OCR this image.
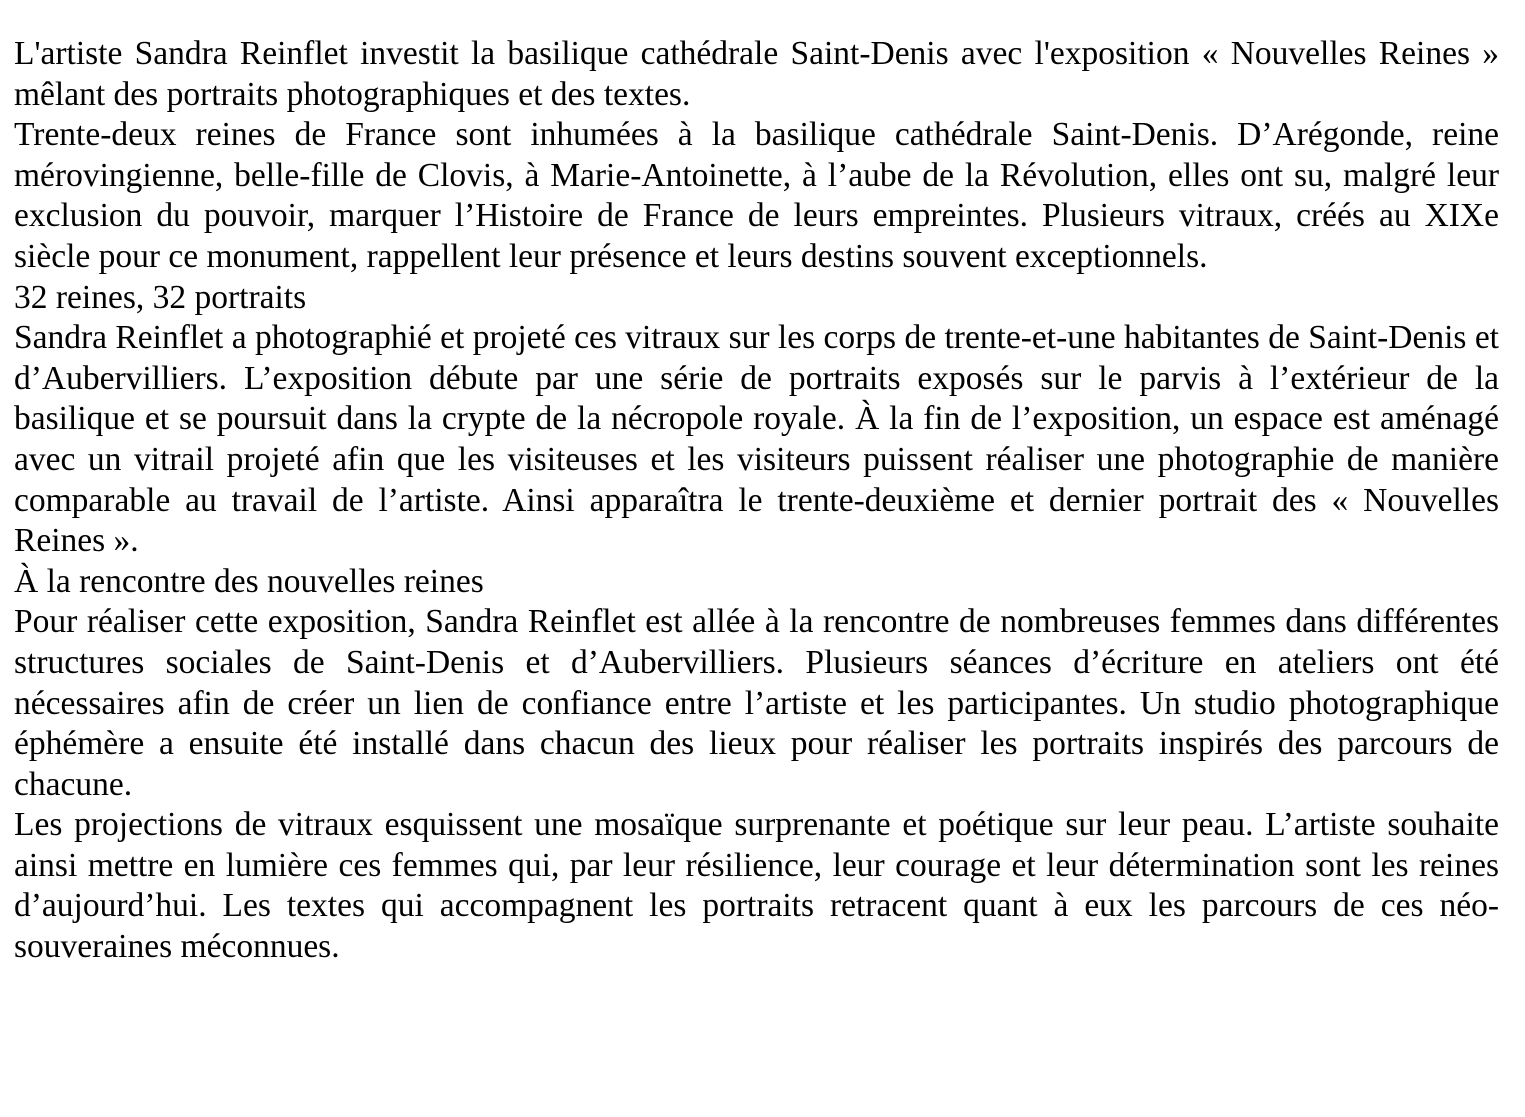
L'artiste Sandra Reinflet investit la basilique cathédrale Saint-Denis avec l'exposition « Nouvelles Reines » mêlant des portraits photographiques et des textes.

Trente-deux reines de France sont inhumées à la basilique cathédrale Saint-Denis. D’Arégonde, reine mérovingienne, belle-fille de Clovis, à Marie-Antoinette, à l’aube de la Révolution, elles ont su, malgré leur exclusion du pouvoir, marquer l’Histoire de France de leurs empreintes. Plusieurs vitraux, créés au XIXe siècle pour ce monument, rappellent leur présence et leurs destins souvent exceptionnels.

32 reines, 32 portraits

Sandra Reinflet a photographié et projeté ces vitraux sur les corps de trente-et-une habitantes de Saint-Denis et d’Aubervilliers. L’exposition débute par une série de portraits exposés sur le parvis à l’extérieur de la basilique et se poursuit dans la crypte de la nécropole royale. À la fin de l’exposition, un espace est aménagé avec un vitrail projeté afin que les visiteuses et les visiteurs puissent réaliser une photographie de manière comparable au travail de l’artiste. Ainsi apparaîtra le trente-deuxième et dernier portrait des « Nouvelles Reines ».

À la rencontre des nouvelles reines

Pour réaliser cette exposition, Sandra Reinflet est allée à la rencontre de nombreuses femmes dans différentes structures sociales de Saint-Denis et d’Aubervilliers. Plusieurs séances d’écriture en ateliers ont été nécessaires afin de créer un lien de confiance entre l’artiste et les participantes. Un studio photographique éphémère a ensuite été installé dans chacun des lieux pour réaliser les portraits inspirés des parcours de chacune.

Les projections de vitraux esquissent une mosaïque surprenante et poétique sur leur peau. L’artiste souhaite ainsi mettre en lumière ces femmes qui, par leur résilience, leur courage et leur détermination sont les reines d’aujourd’hui. Les textes qui accompagnent les portraits retracent quant à eux les parcours de ces néo-souveraines méconnues.
